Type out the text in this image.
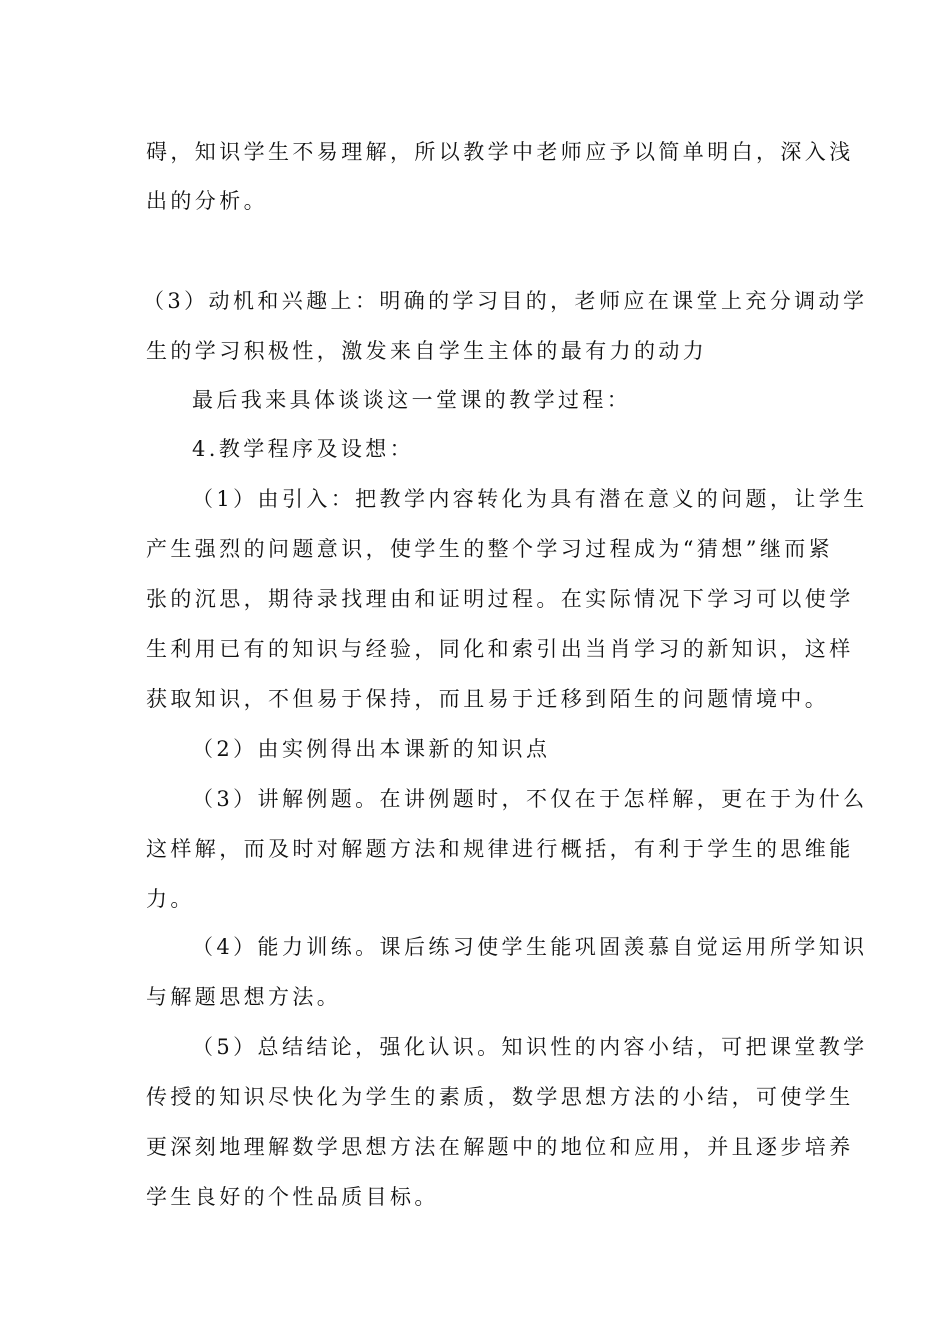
碍，知识学生不易理解，所以教学中老师应予以简单明白，深入浅
出的分析。
（3）动机和兴趣上：明确的学习目的，老师应在课堂上充分调动学
生的学习积极性，激发来自学生主体的最有力的动力
最后我来具体谈谈这一堂课的教学过程：
4.教学程序及设想：
（1）由引入：把教学内容转化为具有潜在意义的问题，让学生
产生强烈的问题意识，使学生的整个学习过程成为“猜想”继而紧
张的沉思，期待录找理由和证明过程。在实际情况下学习可以使学
生利用已有的知识与经验，同化和索引出当肖学习的新知识，这样
获取知识，不但易于保持，而且易于迁移到陌生的问题情境中。
（2）由实例得出本课新的知识点
（3）讲解例题。在讲例题时，不仅在于怎样解，更在于为什么
这样解，而及时对解题方法和规律进行概括，有利于学生的思维能
力。
（4）能力训练。课后练习使学生能巩固羡慕自觉运用所学知识
与解题思想方法。
（5）总结结论，强化认识。知识性的内容小结，可把课堂教学
传授的知识尽快化为学生的素质，数学思想方法的小结，可使学生
更深刻地理解数学思想方法在解题中的地位和应用，并且逐步培养
学生良好的个性品质目标。
